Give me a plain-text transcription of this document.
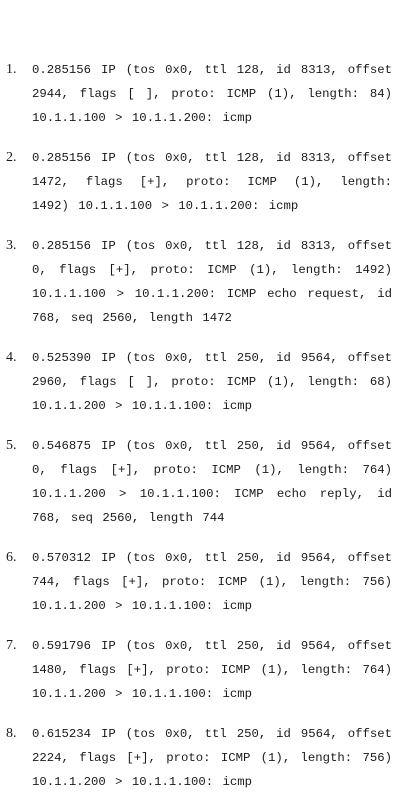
1. 0.285156 IP (tos 0x0, ttl 128, id 8313, offset 2944, flags [ ], proto: ICMP (1), length: 84) 10.1.1.100 > 10.1.1.200: icmp
2. 0.285156 IP (tos 0x0, ttl 128, id 8313, offset 1472, flags [+], proto: ICMP (1), length: 1492) 10.1.1.100 > 10.1.1.200: icmp
3. 0.285156 IP (tos 0x0, ttl 128, id 8313, offset 0, flags [+], proto: ICMP (1), length: 1492) 10.1.1.100 > 10.1.1.200: ICMP echo request, id 768, seq 2560, length 1472
4. 0.525390 IP (tos 0x0, ttl 250, id 9564, offset 2960, flags [ ], proto: ICMP (1), length: 68) 10.1.1.200 > 10.1.1.100: icmp
5. 0.546875 IP (tos 0x0, ttl 250, id 9564, offset 0, flags [+], proto: ICMP (1), length: 764) 10.1.1.200 > 10.1.1.100: ICMP echo reply, id 768, seq 2560, length 744
6. 0.570312 IP (tos 0x0, ttl 250, id 9564, offset 744, flags [+], proto: ICMP (1), length: 756) 10.1.1.200 > 10.1.1.100: icmp
7. 0.591796 IP (tos 0x0, ttl 250, id 9564, offset 1480, flags [+], proto: ICMP (1), length: 764) 10.1.1.200 > 10.1.1.100: icmp
8. 0.615234 IP (tos 0x0, ttl 250, id 9564, offset 2224, flags [+], proto: ICMP (1), length: 756) 10.1.1.200 > 10.1.1.100: icmp
